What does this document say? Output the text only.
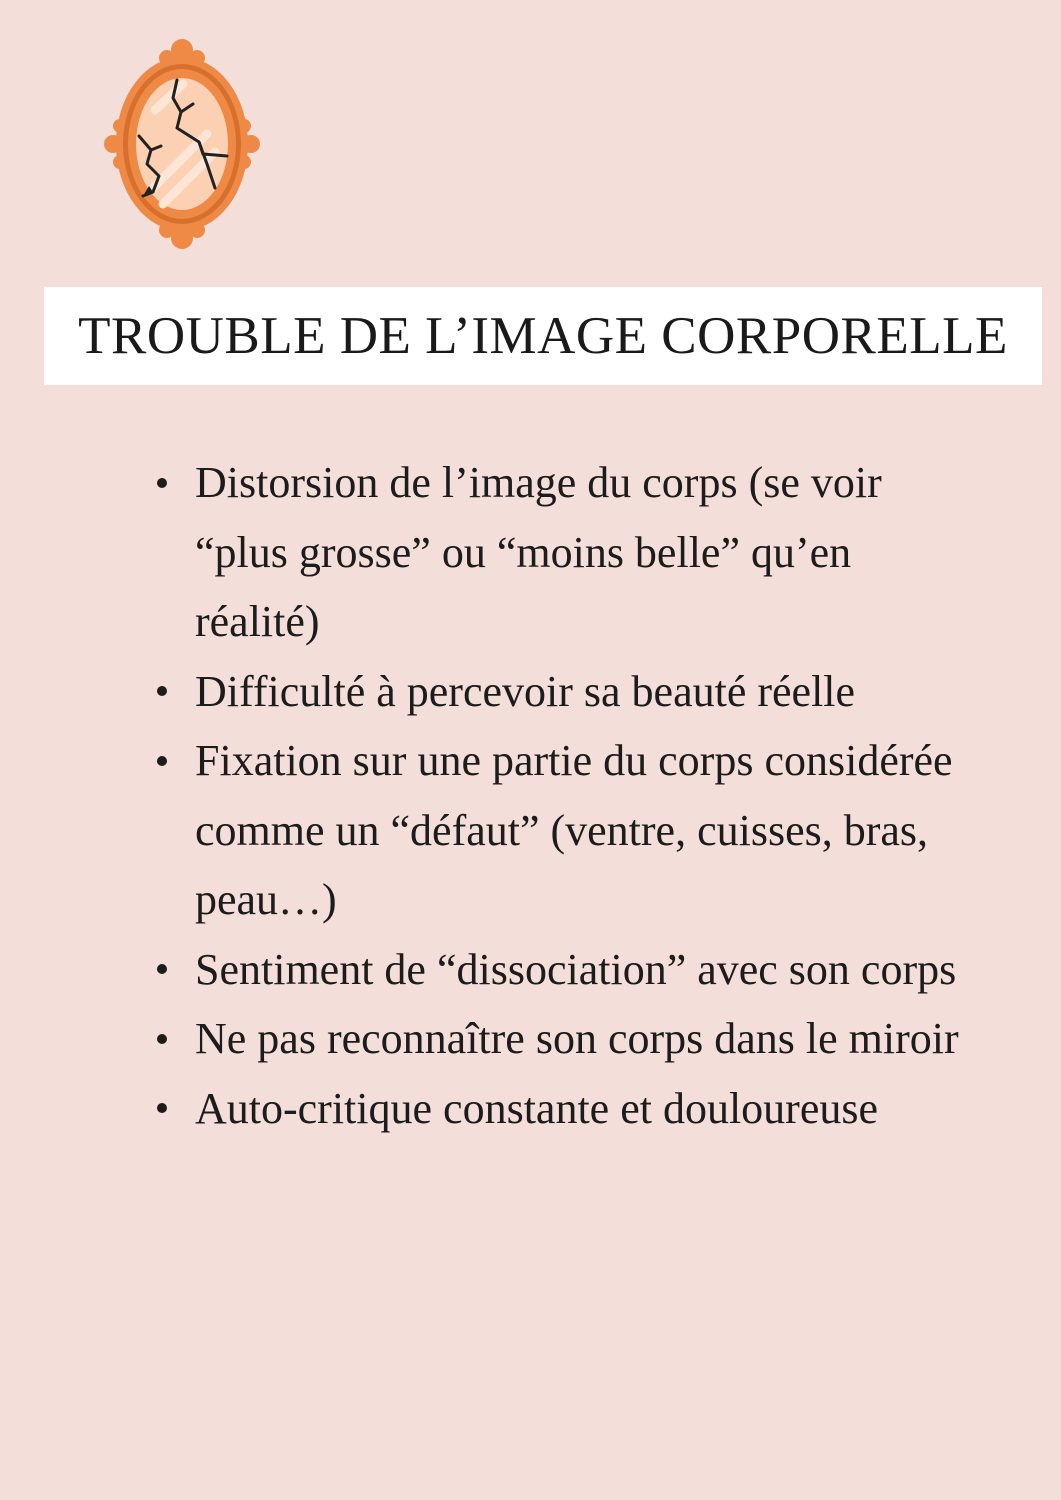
TROUBLE DE L’IMAGE CORPORELLE
Distorsion de l’image du corps (se voir “plus grosse” ou “moins belle” qu’en réalité)
Difficulté à percevoir sa beauté réelle
Fixation sur une partie du corps considérée comme un “défaut” (ventre, cuisses, bras, peau…)
Sentiment de “dissociation” avec son corps
Ne pas reconnaître son corps dans le miroir
Auto-critique constante et douloureuse
